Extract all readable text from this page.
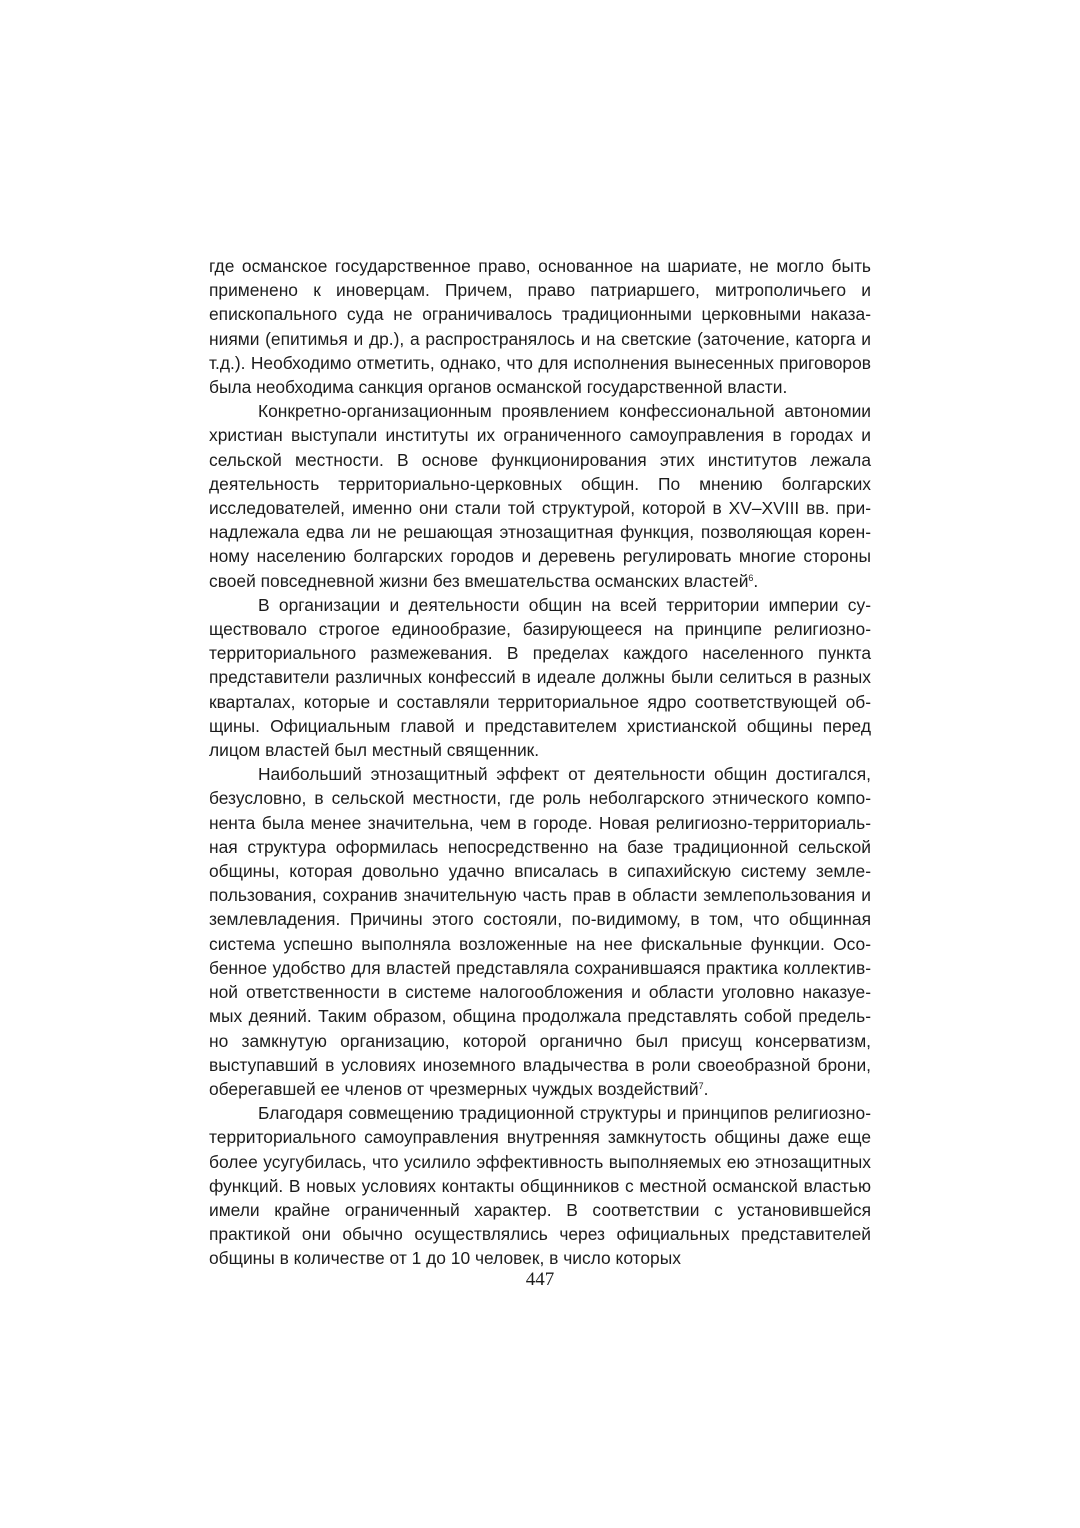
где османское государственное право, основанное на шариате, не могло быть применено к иноверцам. Причем, право патриаршего, митрополичьего и епископального суда не ограничивалось традиционными церковными наказаниями (епитимья и др.), а распространялось и на светские (заточение, каторга и т.д.). Необходимо отметить, однако, что для исполнения вынесенных приговоров была необходима санкция органов османской государственной власти.

Конкретно-организационным проявлением конфессиональной автономии христиан выступали институты их ограниченного самоуправления в городах и сельской местности. В основе функционирования этих институтов лежала деятельность территориально-церковных общин. По мнению болгарских исследователей, именно они стали той структурой, которой в XV–XVIII вв. принадлежала едва ли не решающая этнозащитная функция, позволяющая коренному населению болгарских городов и деревень регулировать многие стороны своей повседневной жизни без вмешательства османских властей$^6$.

В организации и деятельности общин на всей территории империи существовало строгое единообразие, базирующееся на принципе религиозно-территориального размежевания. В пределах каждого населенного пункта представители различных конфессий в идеале должны были селиться в разных кварталах, которые и составляли территориальное ядро соответствующей общины. Официальным главой и представителем христианской общины перед лицом властей был местный священник.

Наибольший этнозащитный эффект от деятельности общин достигался, безусловно, в сельской местности, где роль неболгарского этнического компонента была менее значительна, чем в городе. Новая религиозно-территориальная структура оформилась непосредственно на базе традиционной сельской общины, которая довольно удачно вписалась в сипахийскую систему землепользования, сохранив значительную часть прав в области землепользования и землевладения. Причины этого состояли, по-видимому, в том, что общинная система успешно выполняла возложенные на нее фискальные функции. Особенное удобство для властей представляла сохранившаяся практика коллективной ответственности в системе налогообложения и области уголовно наказуемых деяний. Таким образом, община продолжала представлять собой предельно замкнутую организацию, которой органично был присущ консерватизм, выступавший в условиях иноземного владычества в роли своеобразной брони, оберегавшей ее членов от чрезмерных чуждых воздействий$^7$.

Благодаря совмещению традиционной структуры и принципов религиозно-территориального самоуправления внутренняя замкнутость общины даже еще более усугубилась, что усилило эффективность выполняемых ею этнозащитных функций. В новых условиях контакты общинников с местной османской властью имели крайне ограниченный характер. В соответствии с установившейся практикой они обычно осуществлялись через официальных представителей общины в количестве от 1 до 10 человек, в число которых

447
